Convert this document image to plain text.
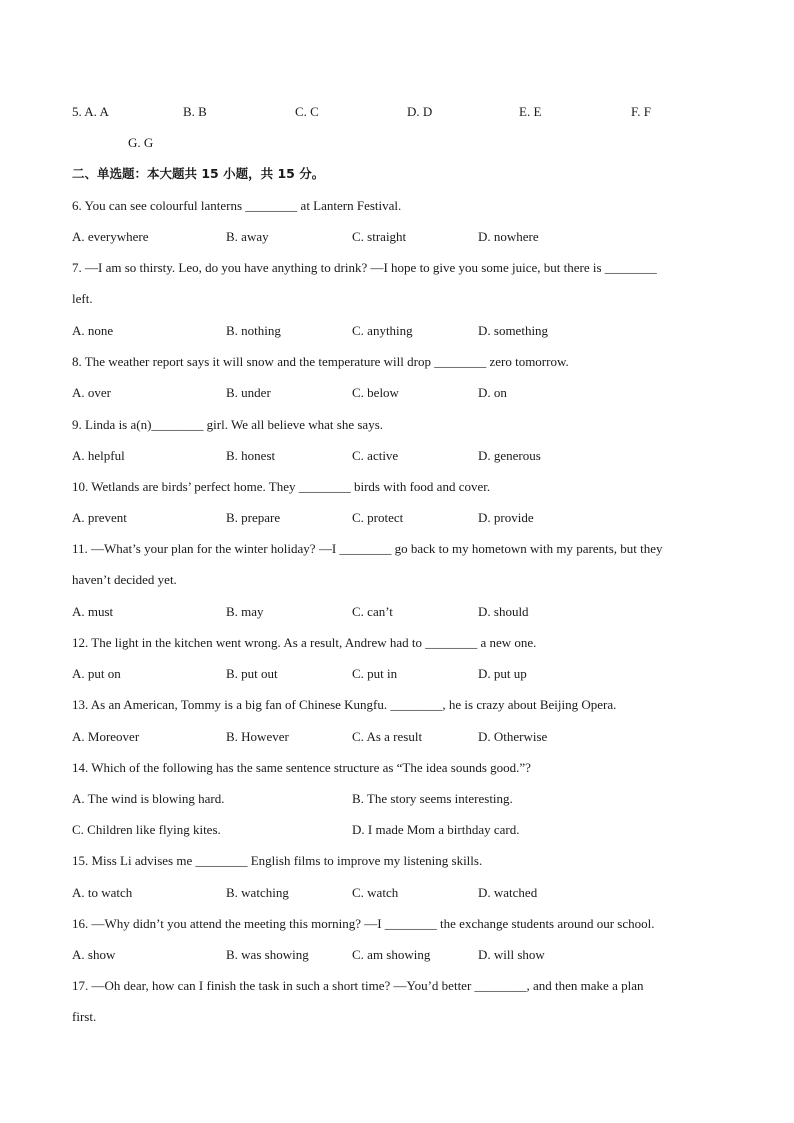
5. A. A	B. B	C. C	D. D	E. E	F. F
G. G
二、单选题：本大题共 15 小题，共 15 分。
6. You can see colourful lanterns ________ at Lantern Festival.
A. everywhere	B. away	C. straight	D. nowhere
7. —I am so thirsty. Leo, do you have anything to drink? —I hope to give you some juice, but there is ________
left.
A. none	B. nothing	C. anything	D. something
8. The weather report says it will snow and the temperature will drop ________ zero tomorrow.
A. over	B. under	C. below	D. on
9. Linda is a(n)________ girl. We all believe what she says.
A. helpful	B. honest	C. active	D. generous
10. Wetlands are birds’ perfect home. They ________ birds with food and cover.
A. prevent	B. prepare	C. protect	D. provide
11. —What’s your plan for the winter holiday? —I ________ go back to my hometown with my parents, but they
haven’t decided yet.
A. must	B. may	C. can’t	D. should
12. The light in the kitchen went wrong. As a result, Andrew had to ________ a new one.
A. put on	B. put out	C. put in	D. put up
13. As an American, Tommy is a big fan of Chinese Kungfu. ________, he is crazy about Beijing Opera.
A. Moreover	B. However	C. As a result	D. Otherwise
14. Which of the following has the same sentence structure as “The idea sounds good.”?
A. The wind is blowing hard.	B. The story seems interesting.
C. Children like flying kites.	D. I made Mom a birthday card.
15. Miss Li advises me ________ English films to improve my listening skills.
A. to watch	B. watching	C. watch	D. watched
16. —Why didn’t you attend the meeting this morning? —I ________ the exchange students around our school.
A. show	B. was showing	C. am showing	D. will show
17. —Oh dear, how can I finish the task in such a short time? —You’d better ________, and then make a plan
first.
